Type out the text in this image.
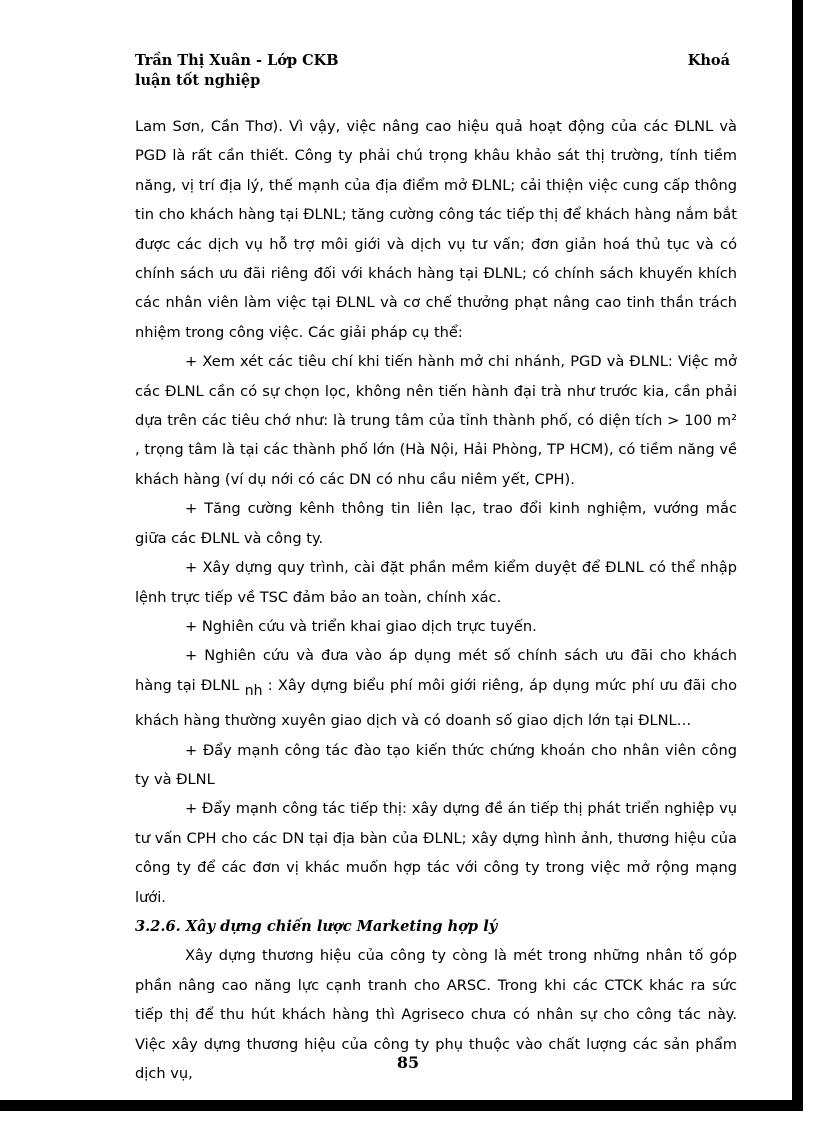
Trần Thị Xuân - Lớp CKB	Khoá
luận tốt nghiệp

Lam Sơn, Cần Thơ). Vì vậy, việc nâng cao hiệu quả hoạt động của các ĐLNL và PGD là rất cần thiết. Công ty phải chú trọng khâu khảo sát thị trường, tính tiềm năng, vị trí địa lý, thế mạnh của địa điểm mở ĐLNL; cải thiện việc cung cấp thông tin cho khách hàng tại ĐLNL; tăng cường công tác tiếp thị để khách hàng nắm bắt được các dịch vụ hỗ trợ môi giới và dịch vụ tư vấn; đơn giản hoá thủ tục và có chính sách ưu đãi riêng đối với khách hàng tại ĐLNL; có chính sách khuyến khích các nhân viên làm việc tại ĐLNL và cơ chế thưởng phạt nâng cao tinh thần trách nhiệm trong công việc. Các giải pháp cụ thể:

+ Xem xét các tiêu chí khi tiến hành mở chi nhánh, PGD và ĐLNL: Việc mở các ĐLNL cần có sự chọn lọc, không nên tiến hành đại trà như trước kia, cần phải dựa trên các tiêu chớ như: là trung tâm của tỉnh thành phố, có diện tích > 100 m² , trọng tâm là tại các thành phố lớn (Hà Nội, Hải Phòng, TP HCM), có tiềm năng về khách hàng (ví dụ nới có các DN có nhu cầu niêm yết, CPH).

+ Tăng cường kênh thông tin liên lạc, trao đổi kinh nghiệm, vướng mắc giữa các ĐLNL và công ty.

+ Xây dựng quy trình, cài đặt phần mềm kiểm duyệt để ĐLNL có thể nhập lệnh trực tiếp về TSC đảm bảo an toàn, chính xác.

+ Nghiên cứu và triển khai giao dịch trực tuyến.

+ Nghiên cứu và đưa vào áp dụng mét số chính sách ưu đãi cho khách hàng tại ĐLNL nh : Xây dựng biểu phí môi giới riêng, áp dụng mức phí ưu đãi cho khách hàng thường xuyên giao dịch và có doanh số giao dịch lớn tại ĐLNL…

+ Đẩy mạnh công tác đào tạo kiến thức chứng khoán cho nhân viên công ty và ĐLNL

+ Đẩy mạnh công tác tiếp thị: xây dựng đề án tiếp thị phát triển nghiệp vụ tư vấn CPH cho các DN tại địa bàn của ĐLNL; xây dựng hình ảnh, thương hiệu của công ty để các đơn vị khác muốn hợp tác với công ty trong việc mở rộng mạng lưới.

3.2.6. Xây dựng chiến lược Marketing hợp lý

Xây dựng thương hiệu của công ty còng là mét trong những nhân tố góp phần nâng cao năng lực cạnh tranh cho ARSC. Trong khi các CTCK khác ra sức tiếp thị để thu hút khách hàng thì Agriseco chưa có nhân sự cho công tác này. Việc xây dựng thương hiệu của công ty phụ thuộc vào chất lượng các sản phẩm dịch vụ,

85
